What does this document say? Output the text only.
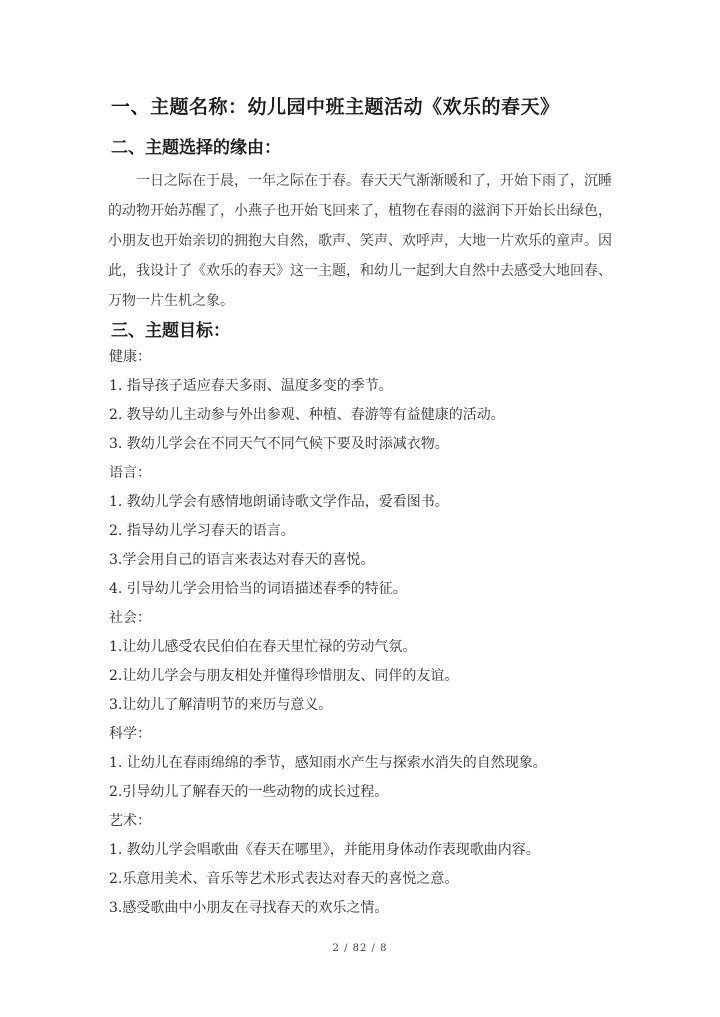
一、主题名称：幼儿园中班主题活动《欢乐的春天》
二、主题选择的缘由：

一日之际在于晨，一年之际在于春。春天天气渐渐暖和了，开始下雨了，沉睡的动物开始苏醒了，小燕子也开始飞回来了，植物在春雨的滋润下开始长出绿色，小朋友也开始亲切的拥抱大自然，歌声、笑声、欢呼声，大地一片欢乐的童声。因此，我设计了《欢乐的春天》这一主题，和幼儿一起到大自然中去感受大地回春、万物一片生机之象。

三、主题目标：
健康：
1. 指导孩子适应春天多雨、温度多变的季节。
2. 教导幼儿主动参与外出参观、种植、春游等有益健康的活动。
3. 教幼儿学会在不同天气不同气候下要及时添减衣物。
语言：
1. 教幼儿学会有感情地朗诵诗歌文学作品，爱看图书。
2. 指导幼儿学习春天的语言。
3.学会用自己的语言来表达对春天的喜悦。
4. 引导幼儿学会用恰当的词语描述春季的特征。
社会：
1.让幼儿感受农民伯伯在春天里忙禄的劳动气氛。
2.让幼儿学会与朋友相处并懂得珍惜朋友、同伴的友谊。
3.让幼儿了解清明节的来历与意义。
科学：
1. 让幼儿在春雨绵绵的季节，感知雨水产生与探索水消失的自然现象。
2.引导幼儿了解春天的一些动物的成长过程。
艺术：
1. 教幼儿学会唱歌曲《春天在哪里》，并能用身体动作表现歌曲内容。
2.乐意用美术、音乐等艺术形式表达对春天的喜悦之意。
3.感受歌曲中小朋友在寻找春天的欢乐之情。
2 / 82 / 8
